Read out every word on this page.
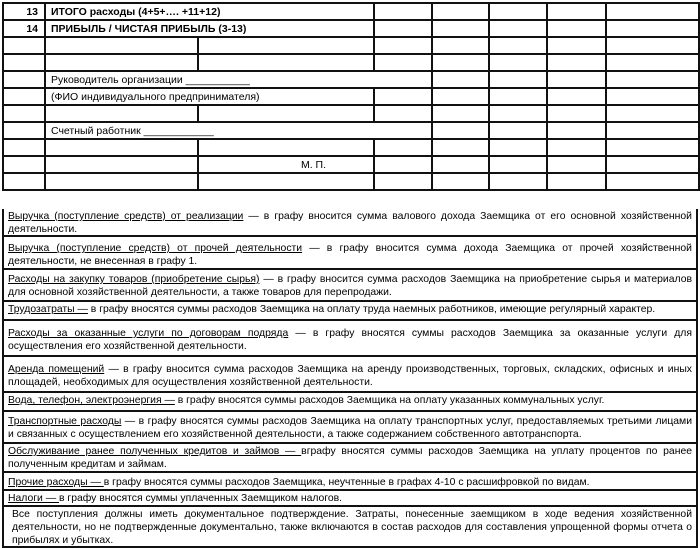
13	ИТОГО расходы (4+5+…. +11+12)						
14	ПРИБЫЛЬ / ЧИСТАЯ ПРИБЫЛЬ (3-13)						

	Руководитель организации ___________						
	(ФИО индивидуального предпринимателя)						

	Счетный работник ____________						

		М. П.					

Выручка (поступление средств) от реализации — в графу вносится сумма валового дохода Заемщика от его основной хозяйственной деятельности.
Выручка (поступление средств) от прочей деятельности — в графу вносится сумма дохода Заемщика от прочей хозяйственной деятельности, не внесенная в графу 1.
Расходы на закупку товаров (приобретение сырья) — в графу вносится сумма расходов Заемщика на приобретение сырья и материалов для основной хозяйственной деятельности, а также товаров для перепродажи.
Трудозатраты — в графу вносятся суммы расходов Заемщика на оплату труда наемных работников, имеющие регулярный характер.
Расходы за оказанные услуги по договорам подряда — в графу вносятся суммы расходов Заемщика за оказанные услуги для осуществления его хозяйственной деятельности.
Аренда помещений — в графу вносится сумма расходов Заемщика на аренду производственных, торговых, складских, офисных и иных площадей, необходимых для осуществления хозяйственной деятельности.
Вода, телефон, электроэнергия — в графу вносятся суммы расходов Заемщика на оплату указанных коммунальных услуг.
Транспортные расходы — в графу вносятся суммы расходов Заемщика на оплату транспортных услуг, предоставляемых третьими лицами и связанных с осуществлением его хозяйственной деятельности, а также содержанием собственного автотранспорта.
Обслуживание ранее полученных кредитов и займов — вграфу вносятся суммы расходов Заемщика на уплату процентов по ранее полученным кредитам и займам.
Прочие расходы — в графу вносятся суммы расходов Заемщика, неучтенные в графах 4-10 с расшифровкой по видам.
Налоги — в графу вносятся суммы уплаченных Заемщиком налогов.
Все поступления должны иметь документальное подтверждение. Затраты, понесенные заемщиком в ходе ведения хозяйственной деятельности, но не подтвержденные документально, также включаются в состав расходов для составления упрощенной формы отчета о прибылях и убытках.
